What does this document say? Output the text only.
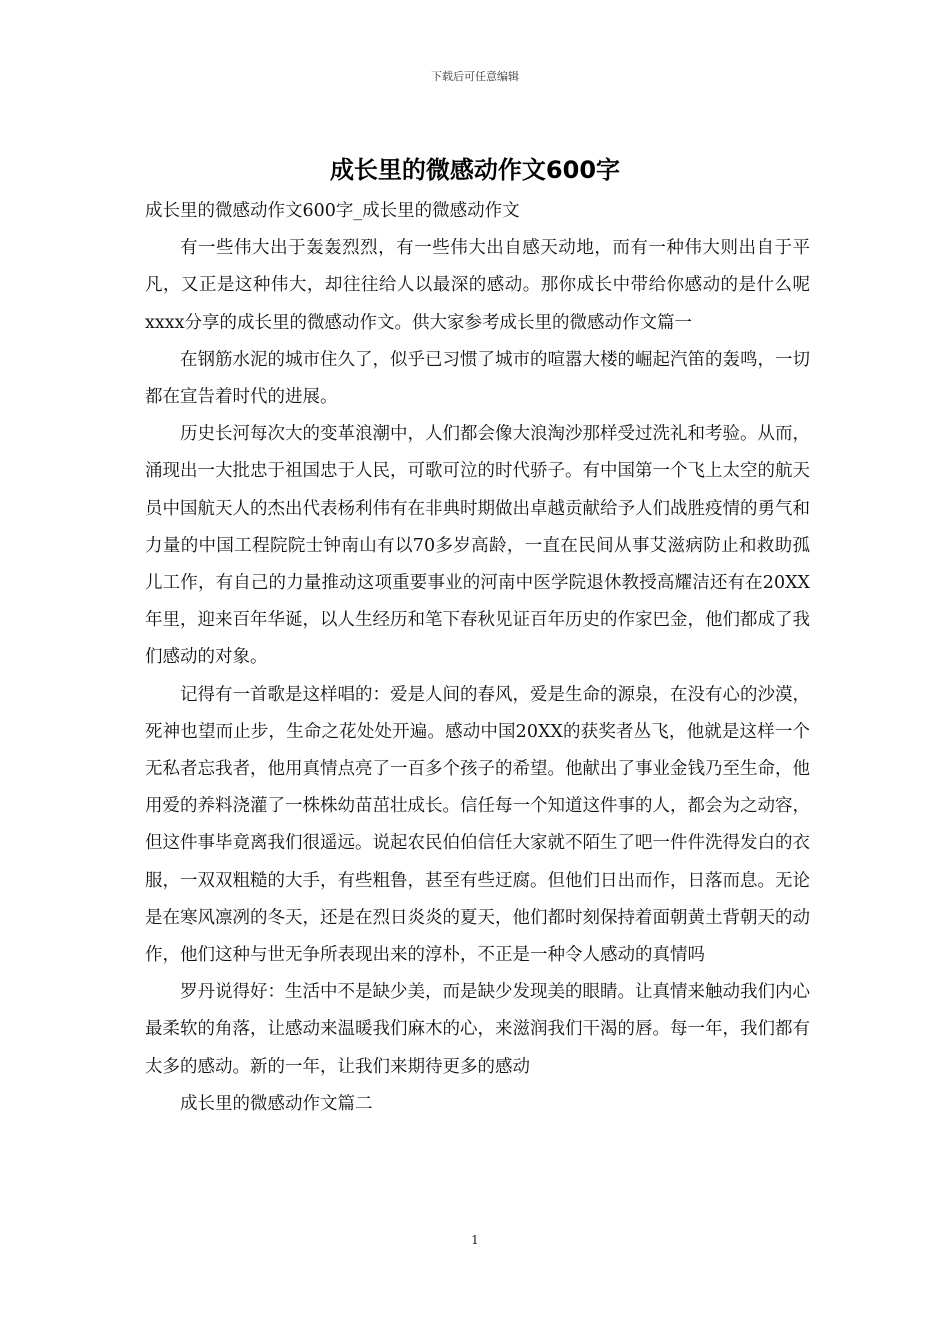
下载后可任意编辑
成长里的微感动作文600字

成长里的微感动作文600字_成长里的微感动作文

有一些伟大出于轰轰烈烈，有一些伟大出自感天动地，而有一种伟大则出自于平凡，又正是这种伟大，却往往给人以最深的感动。那你成长中带给你感动的是什么呢xxxx分享的成长里的微感动作文。供大家参考成长里的微感动作文篇一

在钢筋水泥的城市住久了，似乎已习惯了城市的喧嚣大楼的崛起汽笛的轰鸣，一切都在宣告着时代的进展。

历史长河每次大的变革浪潮中，人们都会像大浪淘沙那样受过洗礼和考验。从而，涌现出一大批忠于祖国忠于人民，可歌可泣的时代骄子。有中国第一个飞上太空的航天员中国航天人的杰出代表杨利伟有在非典时期做出卓越贡献给予人们战胜疫情的勇气和力量的中国工程院院士钟南山有以70多岁高龄，一直在民间从事艾滋病防止和救助孤儿工作，有自己的力量推动这项重要事业的河南中医学院退休教授高耀洁还有在20XX年里，迎来百年华诞，以人生经历和笔下春秋见证百年历史的作家巴金，他们都成了我们感动的对象。

记得有一首歌是这样唱的：爱是人间的春风，爱是生命的源泉，在没有心的沙漠，死神也望而止步，生命之花处处开遍。感动中国20XX的获奖者丛飞，他就是这样一个无私者忘我者，他用真情点亮了一百多个孩子的希望。他献出了事业金钱乃至生命，他用爱的养料浇灌了一株株幼苗茁壮成长。信任每一个知道这件事的人，都会为之动容，但这件事毕竟离我们很遥远。说起农民伯伯信任大家就不陌生了吧一件件洗得发白的衣服，一双双粗糙的大手，有些粗鲁，甚至有些迂腐。但他们日出而作，日落而息。无论是在寒风凛冽的冬天，还是在烈日炎炎的夏天，他们都时刻保持着面朝黄土背朝天的动作，他们这种与世无争所表现出来的淳朴，不正是一种令人感动的真情吗

罗丹说得好：生活中不是缺少美，而是缺少发现美的眼睛。让真情来触动我们内心最柔软的角落，让感动来温暖我们麻木的心，来滋润我们干渴的唇。每一年，我们都有太多的感动。新的一年，让我们来期待更多的感动

成长里的微感动作文篇二

1
